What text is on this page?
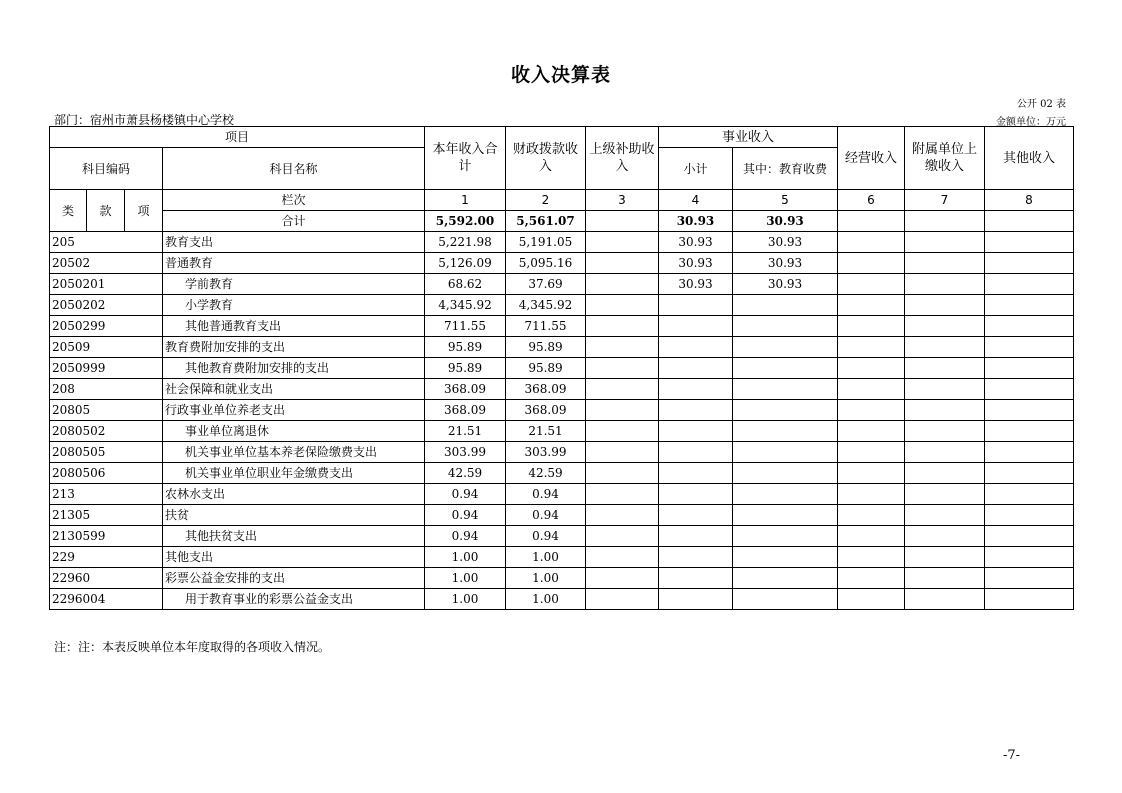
收入决算表
公开 02 表
金额单位：万元
部门：宿州市萧县杨楼镇中心学校
项目				本年收入合计	财政拨款收入	上级补助收入	事业收入		经营收入	附属单位上缴收入	其他收入
科目编码			科目名称				小计	其中：教育收费			

类	款	项	栏次	1	2	3	4	5	6	7	8
			合计	5,592.00	5,561.07		30.93	30.93			
205			教育支出	5,221.98	5,191.05		30.93	30.93			
20502			普通教育	5,126.09	5,095.16		30.93	30.93			
2050201			学前教育	68.62	37.69		30.93	30.93			
2050202			小学教育	4,345.92	4,345.92						
2050299			其他普通教育支出	711.55	711.55						
20509			教育费附加安排的支出	95.89	95.89						
2050999			其他教育费附加安排的支出	95.89	95.89						
208			社会保障和就业支出	368.09	368.09						
20805			行政事业单位养老支出	368.09	368.09						
2080502			事业单位离退休	21.51	21.51						
2080505			机关事业单位基本养老保险缴费支出	303.99	303.99						
2080506			机关事业单位职业年金缴费支出	42.59	42.59						
213			农林水支出	0.94	0.94						
21305			扶贫	0.94	0.94						
2130599			其他扶贫支出	0.94	0.94						
229			其他支出	1.00	1.00						
22960			彩票公益金安排的支出	1.00	1.00						
2296004			用于教育事业的彩票公益金支出	1.00	1.00						
注：注：本表反映单位本年度取得的各项收入情况。
-7-
